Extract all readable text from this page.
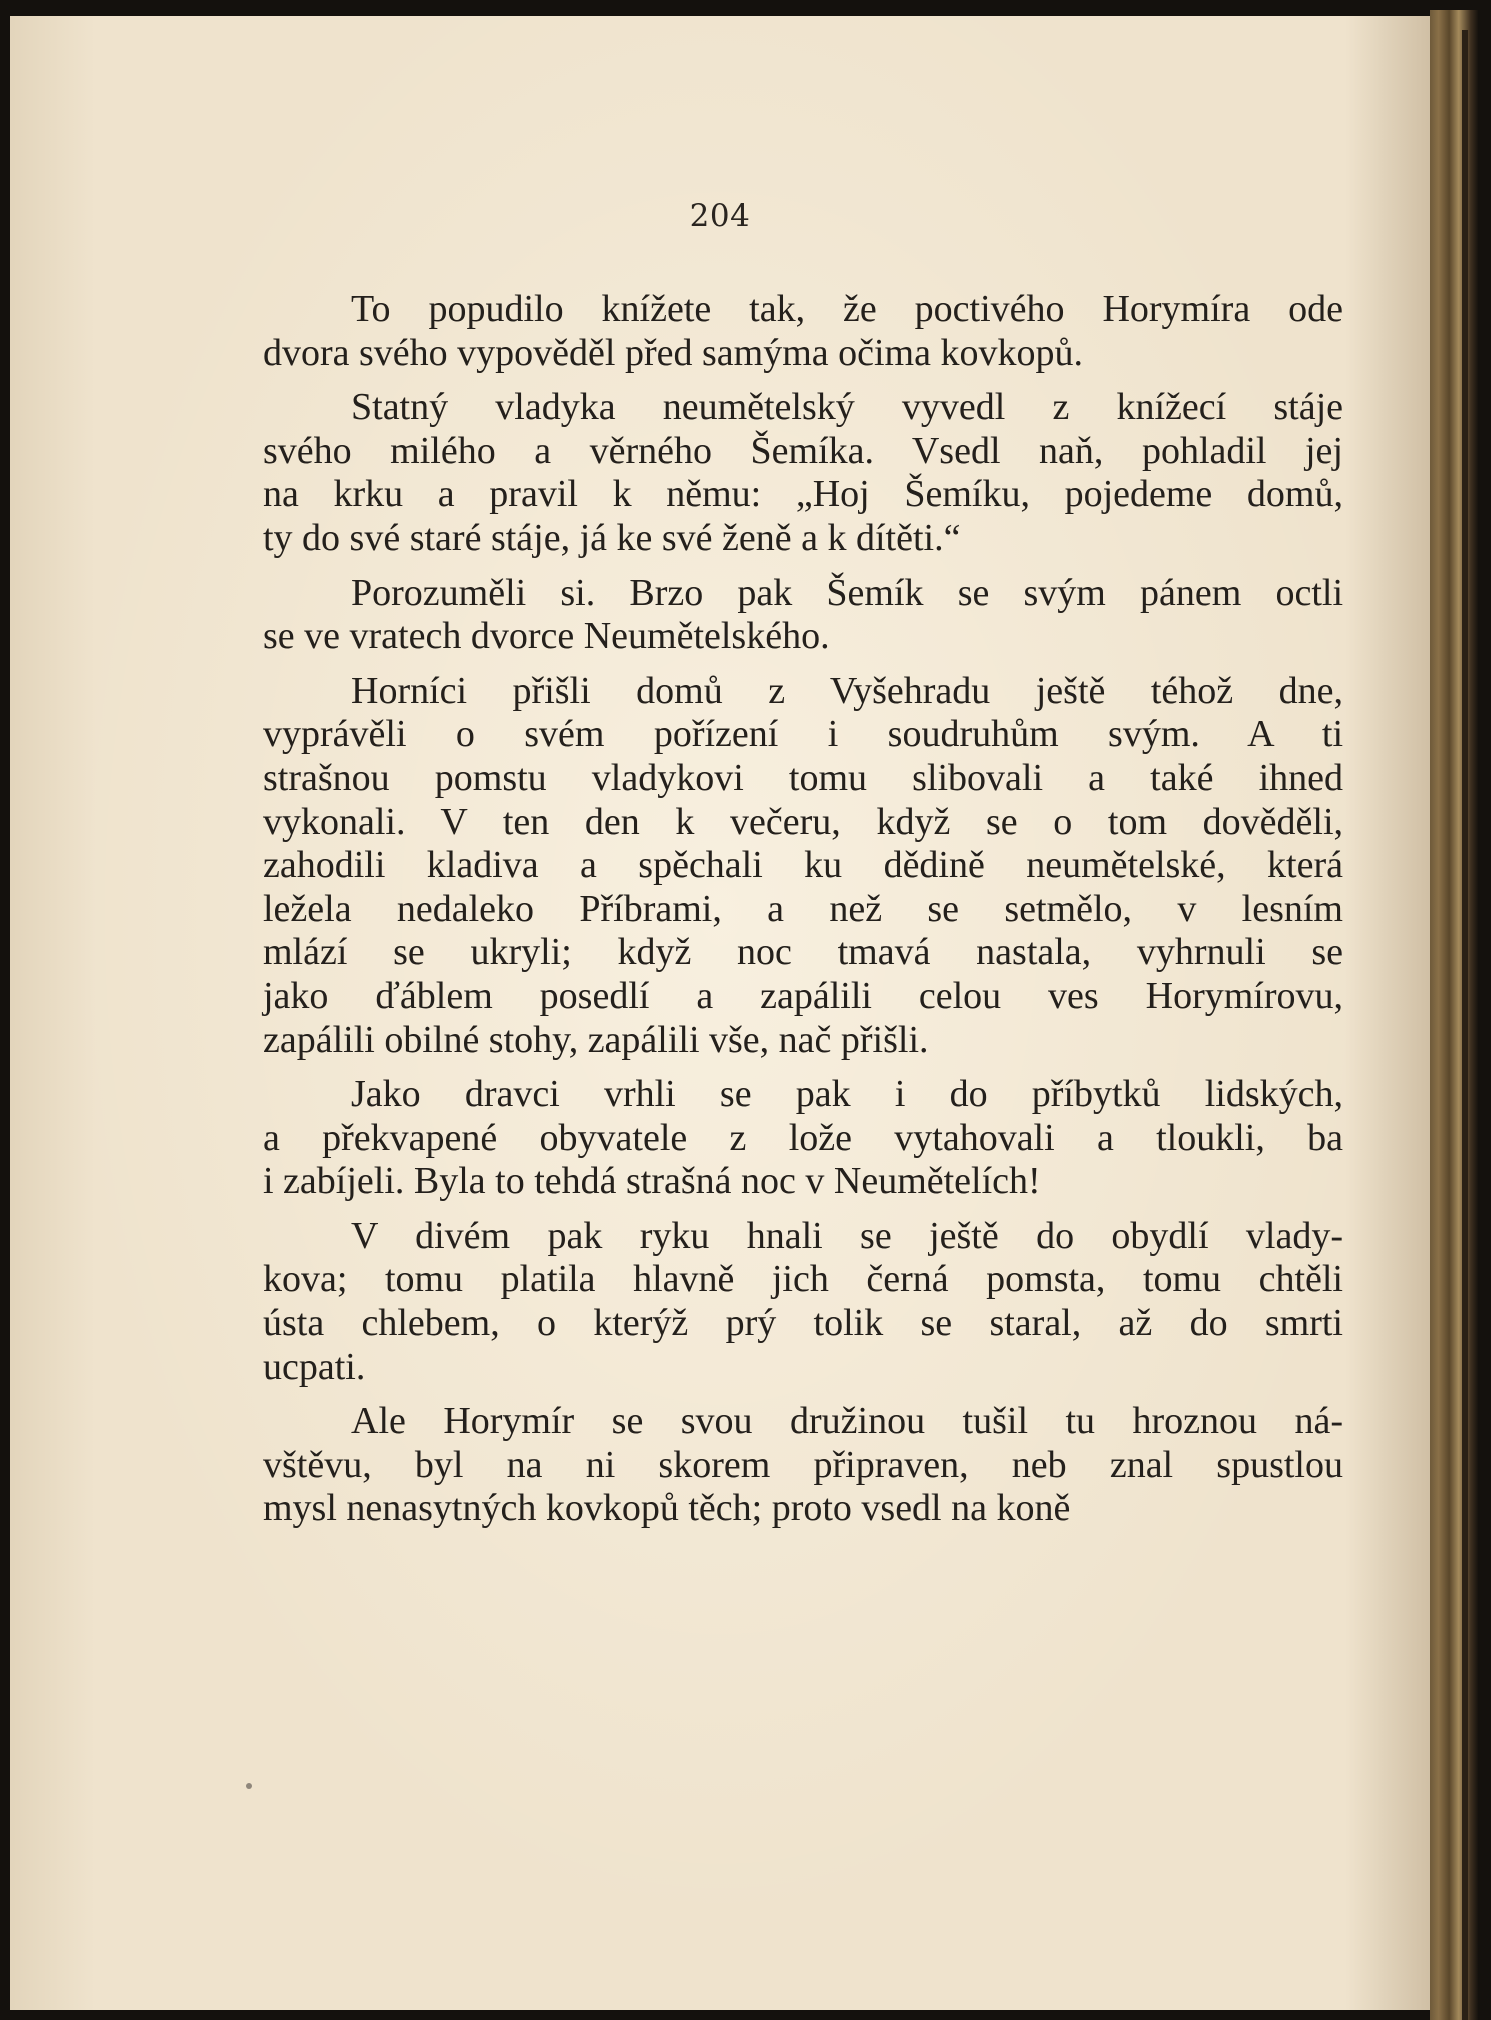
204
To popudilo knížete tak, že poctivého Horymíra ode
dvora svého vypověděl před samýma očima kovkopů.
Statný vladyka neumětelský vyvedl z knížecí stáje
svého milého a věrného Šemíka. Vsedl naň, pohladil jej
na krku a pravil k němu: „Hoj Šemíku, pojedeme domů,
ty do své staré stáje, já ke své ženě a k dítěti.“
Porozuměli si. Brzo pak Šemík se svým pánem octli
se ve vratech dvorce Neumětelského.
Horníci přišli domů z Vyšehradu ještě téhož dne,
vyprávěli o svém pořízení i soudruhům svým. A ti
strašnou pomstu vladykovi tomu slibovali a také ihned
vykonali. V ten den k večeru, když se o tom dověděli,
zahodili kladiva a spěchali ku dědině neumětelské, která
ležela nedaleko Příbrami, a než se setmělo, v lesním
mlází se ukryli; když noc tmavá nastala, vyhrnuli se
jako ďáblem posedlí a zapálili celou ves Horymírovu,
zapálili obilné stohy, zapálili vše, nač přišli.
Jako dravci vrhli se pak i do příbytků lidských,
a překvapené obyvatele z lože vytahovali a tloukli, ba
i zabíjeli. Byla to tehdá strašná noc v Neumětelích!
V divém pak ryku hnali se ještě do obydlí vlady-
kova; tomu platila hlavně jich černá pomsta, tomu chtěli
ústa chlebem, o kterýž prý tolik se staral, až do smrti
ucpati.
Ale Horymír se svou družinou tušil tu hroznou ná-
vštěvu, byl na ni skorem připraven, neb znal spustlou
mysl nenasytných kovkopů těch; proto vsedl na koně
